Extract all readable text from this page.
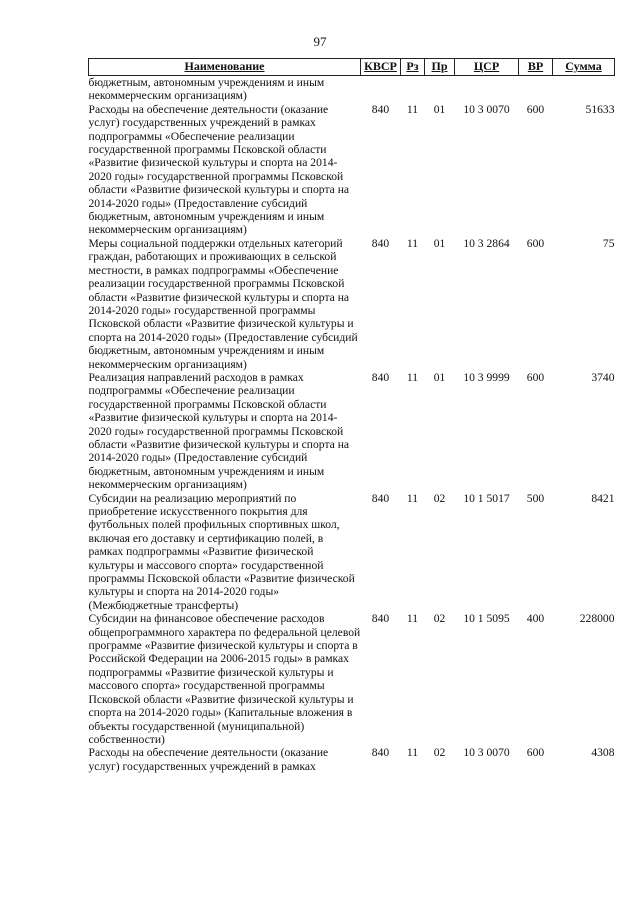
97
Наименование	КВСР	Рз	Пр	ЦСР	ВР	Сумма
бюджетным, автономным учреждениям и иным некоммерческим организациям)						
Расходы на обеспечение деятельности (оказание услуг) государственных учреждений в рамках подпрограммы «Обеспечение реализации государственной программы Псковской области «Развитие физической культуры и спорта на 2014-2020 годы» государственной программы Псковской области «Развитие физической культуры и спорта на 2014-2020 годы» (Предоставление субсидий бюджетным, автономным учреждениям и иным некоммерческим организациям)	840	11	01	10 3 0070	600	51633
Меры социальной поддержки отдельных категорий граждан, работающих и проживающих в сельской местности, в рамках подпрограммы «Обеспечение реализации государственной программы Псковской области «Развитие физической культуры и спорта на 2014-2020 годы» государственной программы Псковской области «Развитие физической культуры и спорта на 2014-2020 годы» (Предоставление субсидий бюджетным, автономным учреждениям и иным некоммерческим организациям)	840	11	01	10 3 2864	600	75
Реализация направлений расходов в рамках подпрограммы «Обеспечение реализации государственной программы Псковской области «Развитие физической культуры и спорта на 2014-2020 годы» государственной программы Псковской области «Развитие физической культуры и спорта на 2014-2020 годы» (Предоставление субсидий бюджетным, автономным учреждениям и иным некоммерческим организациям)	840	11	01	10 3 9999	600	3740
Субсидии на реализацию мероприятий по приобретение искусственного покрытия для футбольных полей профильных спортивных школ, включая его доставку и сертификацию полей, в рамках подпрограммы «Развитие физической культуры и массового спорта» государственной программы Псковской области «Развитие физической культуры и спорта на 2014-2020 годы» (Межбюджетные трансферты)	840	11	02	10 1 5017	500	8421
Субсидии на финансовое обеспечение расходов общепрограммного характера по федеральной целевой программе «Развитие физической культуры и спорта в Российской Федерации на 2006-2015 годы» в рамках подпрограммы «Развитие физической культуры и массового спорта» государственной программы Псковской области «Развитие физической культуры и спорта на 2014-2020 годы» (Капитальные вложения в объекты государственной (муниципальной) собственности)	840	11	02	10 1 5095	400	228000
Расходы на обеспечение деятельности (оказание услуг) государственных учреждений в рамках	840	11	02	10 3 0070	600	4308
